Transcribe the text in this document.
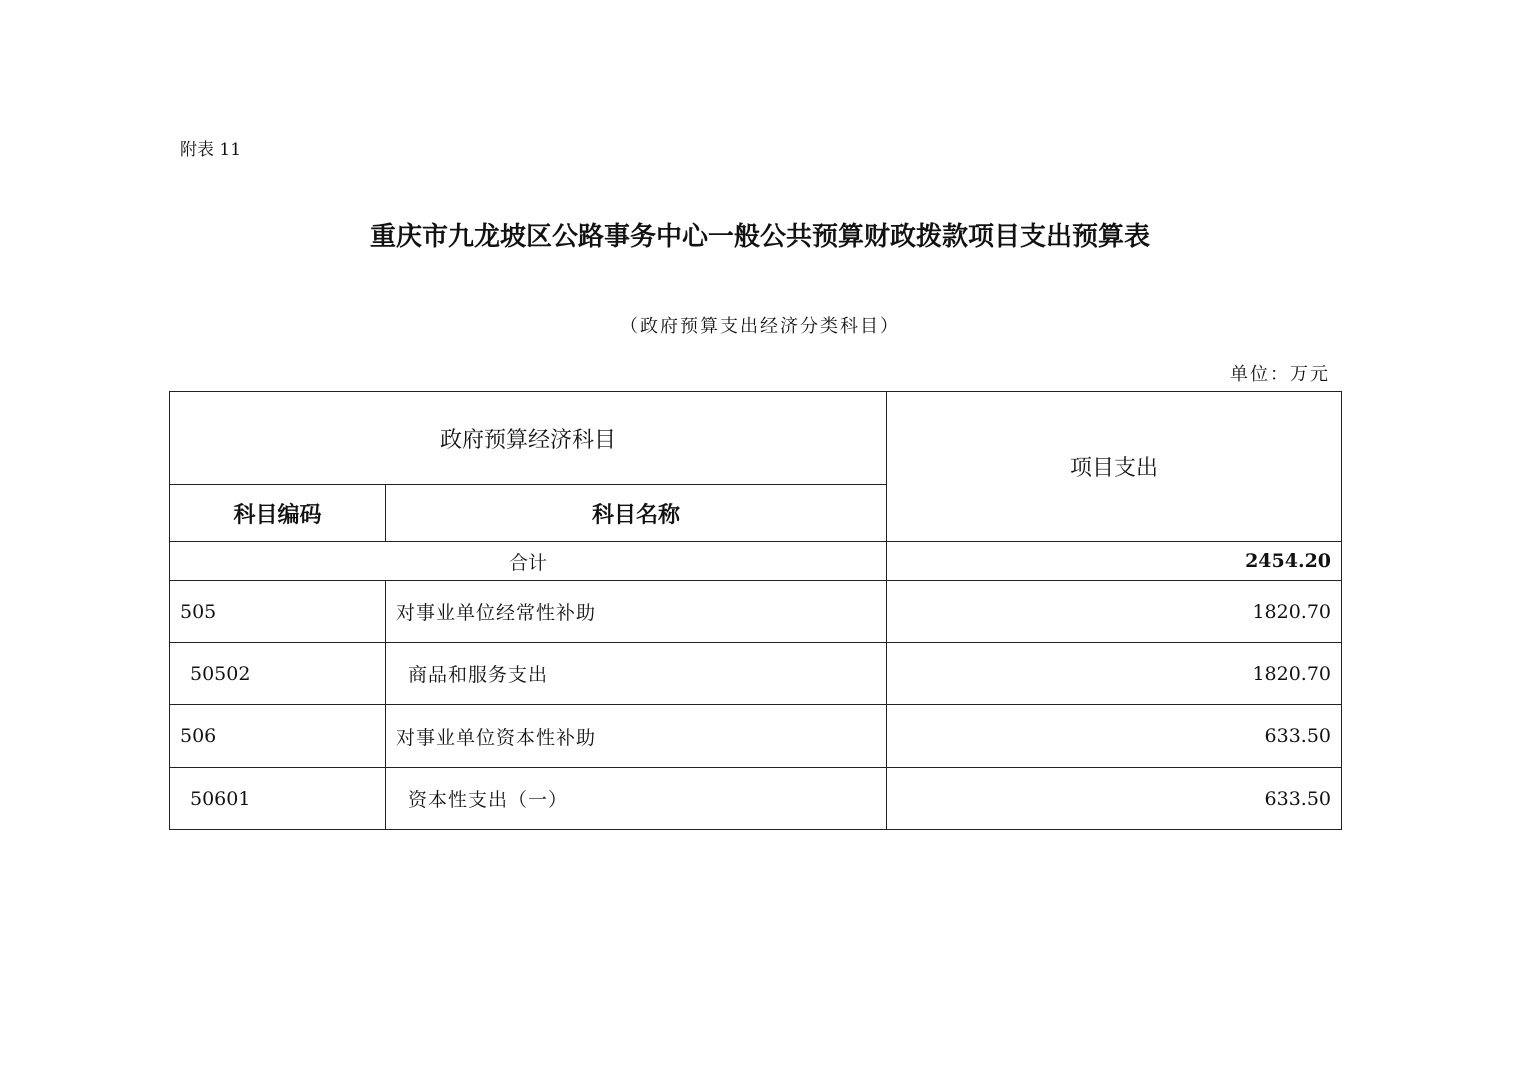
附表 11
重庆市九龙坡区公路事务中心一般公共预算财政拨款项目支出预算表
（政府预算支出经济分类科目）
单位：万元
政府预算经济科目		项目支出
科目编码	科目名称	
合计		2454.20
505	对事业单位经常性补助	1820.70
50502	商品和服务支出	1820.70
506	对事业单位资本性补助	633.50
50601	资本性支出（一）	633.50
